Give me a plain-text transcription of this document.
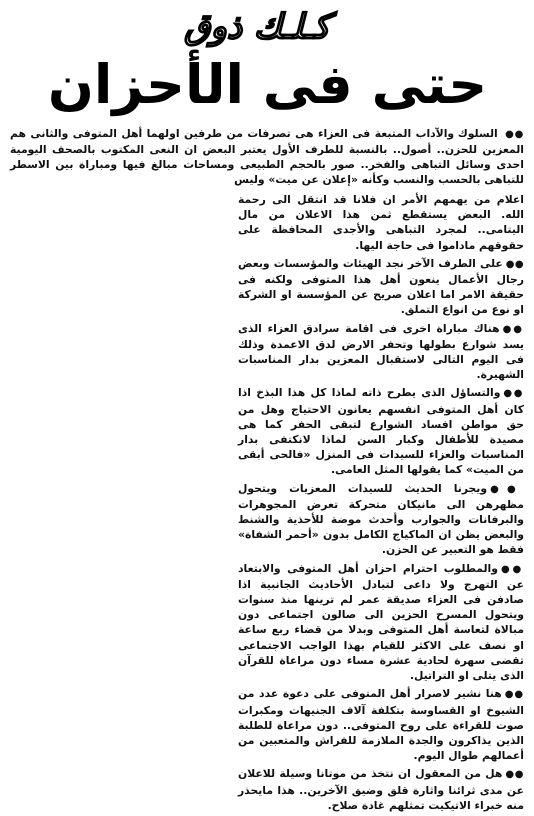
كـلـك ذوق
حتى فى الأحزان
●● السلوك والآداب المتبعة فى العزاء هى تصرفات من طرفين اولهما أهل المتوفى والثانى هم المعزين للحزن.. أصول.. بالنسبة للطرف الأول يعتبر البعض ان النعى المكتوب بالصحف اليومية احدى وسائل التباهى والفخر.. صور بالحجم الطبيعى ومساحات مبالغ فيها ومباراة بين الاسطر للتباهى بالحسب والنسب وكأنه «إعلان عن ميت» وليس

اعلام من يهمهم الأمر ان فلانا قد انتقل الى رحمة الله. البعض يستقطع ثمن هذا الاعلان من مال اليتامى.. لمجرد التباهى والأجدى المحافظة على حقوقهم ماداموا فى حاجة اليها.

●●على الطرف الآخر نجد الهيئات والمؤسسات وبعض رجال الأعمال ينعون أهل هذا المتوفى ولكنه فى حقيقة الامر اما اعلان صريح عن المؤسسة او الشركة او نوع من انواع التملق.

●●هناك مباراة اخرى فى اقامة سرادق العزاء الذى يسد شوارع بطولها وتحفر الارض لدق الاعمدة وذلك فى اليوم التالى لاستقبال المعزين بدار المناسبات الشهيرة.

●●والتساؤل الذى يطرح ذاته لماذا كل هذا البذخ اذا كان أهل المتوفى انفسهم يعانون الاحتياج وهل من حق مواطن افساد الشوارع لتبقى الحفر كما هى مصيدة للأطفال وكبار السن لماذا لانكتفى بدار المناسبات والعزاء للسيدات فى المنزل «فالحى أبقى من الميت» كما يقولها المثل العامى.

●●ويجرنا الحديث للسيدات المعزيات ويتحول مظهرهن الى مانيكان متحركة تعرض المجوهرات والبرفانات والجوارب وأحدث موضة للأحذية والشنط والبعض يظن ان الماكياج الكامل بدون «أحمر الشفاة» فقط هو التعبير عن الحزن.

●●والمطلوب احترام احزان أهل المتوفى والابتعاد عن التهرج ولا داعى لتبادل الأحاديث الجانبية اذا صادفن فى العزاء صديقة عمر لم ترينها منذ سنوات ويتحول المسرح الحزين الى صالون اجتماعى دون مبالاة لتعاسة أهل المتوفى وبدلا من قضاء ربع ساعة او نصف على الاكثر للقيام بهذا الواجب الاجتماعى تقضى سهرة لحادية عشرة مساء دون مراعاة للقرآن الذى يتلى او التراتيل.

●●هنا نشير لاصرار أهل المتوفى على دعوة عدد من الشيوخ او القساوسة بتكلفة آلاف الجنيهات ومكبرات صوت للقراءة على روح المتوفى.. دون مراعاة للطلبة الذين يذاكرون والجدة الملازمة للفراش والمتعبين من أعمالهم طوال اليوم.

●●هل من المعقول ان نتخذ من موتانا وسيلة للاعلان عن مدى ثرائنا واثارة قلق وضيق الآخرين.. هذا مايحذر منه خبراء الاتيكيت تمثلهم غادة صلاح.
